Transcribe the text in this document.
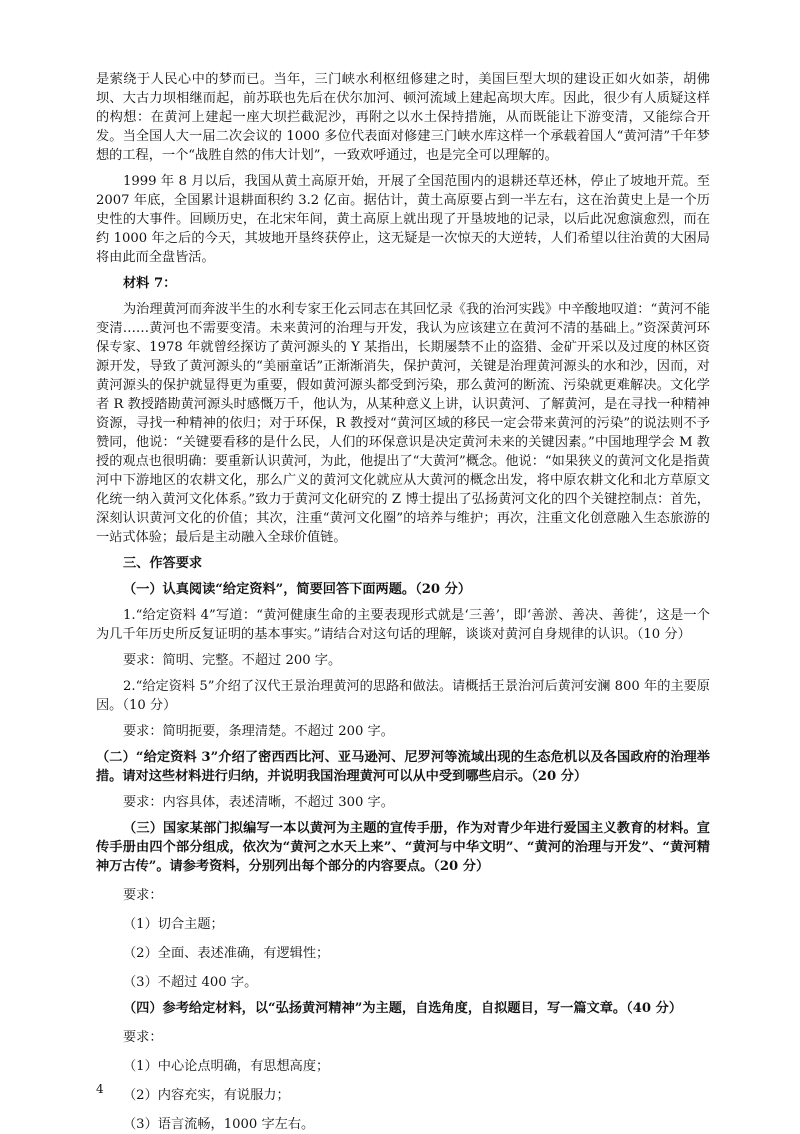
是萦绕于人民心中的梦而已。当年，三门峡水利枢纽修建之时，美国巨型大坝的建设正如火如荼，胡佛坝、大古力坝相继而起，前苏联也先后在伏尔加河、顿河流域上建起高坝大库。因此，很少有人质疑这样的构想：在黄河上建起一座大坝拦截泥沙，再附之以水土保持措施，从而既能让下游变清，又能综合开发。当全国人大一届二次会议的 1000 多位代表面对修建三门峡水库这样一个承载着国人“黄河清”千年梦想的工程，一个“战胜自然的伟大计划”，一致欢呼通过，也是完全可以理解的。

1999 年 8 月以后，我国从黄土高原开始，开展了全国范围内的退耕还草还林，停止了坡地开荒。至 2007 年底，全国累计退耕面积约 3.2 亿亩。据估计，黄土高原要占到一半左右，这在治黄史上是一个历史性的大事件。回顾历史，在北宋年间，黄土高原上就出现了开垦坡地的记录，以后此况愈演愈烈，而在约 1000 年之后的今天，其坡地开垦终获停止，这无疑是一次惊天的大逆转，人们希望以往治黄的大困局将由此而全盘皆活。

材料 7：

为治理黄河而奔波半生的水利专家王化云同志在其回忆录《我的治河实践》中辛酸地叹道：“黄河不能变清……黄河也不需要变清。未来黄河的治理与开发，我认为应该建立在黄河不清的基础上。”资深黄河环保专家、1978 年就曾经探访了黄河源头的 Y 某指出，长期屡禁不止的盗猎、金矿开采以及过度的林区资源开发，导致了黄河源头的“美丽童话”正渐渐消失，保护黄河，关键是治理黄河源头的水和沙，因而，对黄河源头的保护就显得更为重要，假如黄河源头都受到污染，那么黄河的断流、污染就更难解决。文化学者 R 教授踏勘黄河源头时感慨万千，他认为，从某种意义上讲，认识黄河、了解黄河，是在寻找一种精神资源，寻找一种精神的依归；对于环保，R 教授对“黄河区域的移民一定会带来黄河的污染”的说法则不予赞同，他说：“关键要看移的是什么民，人们的环保意识是决定黄河未来的关键因素。”中国地理学会 M 教授的观点也很明确：要重新认识黄河，为此，他提出了“大黄河”概念。他说：“如果狭义的黄河文化是指黄河中下游地区的农耕文化，那么广义的黄河文化就应从大黄河的概念出发，将中原农耕文化和北方草原文化统一纳入黄河文化体系。”致力于黄河文化研究的 Z 博士提出了弘扬黄河文化的四个关键控制点：首先，深刻认识黄河文化的价值；其次，注重“黄河文化圈”的培养与维护；再次，注重文化创意融入生态旅游的一站式体验；最后是主动融入全球价值链。

三、作答要求

（一）认真阅读“给定资料”，简要回答下面两题。（20 分）

1.“给定资料 4”写道：“黄河健康生命的主要表现形式就是‘三善’，即‘善淤、善决、善徙’，这是一个为几千年历史所反复证明的基本事实。”请结合对这句话的理解，谈谈对黄河自身规律的认识。（10 分）

要求：简明、完整。不超过 200 字。

2.“给定资料 5”介绍了汉代王景治理黄河的思路和做法。请概括王景治河后黄河安澜 800 年的主要原因。（10 分）

要求：简明扼要，条理清楚。不超过 200 字。

（二）“给定资料 3”介绍了密西西比河、亚马逊河、尼罗河等流域出现的生态危机以及各国政府的治理举措。请对这些材料进行归纳，并说明我国治理黄河可以从中受到哪些启示。（20 分）

要求：内容具体，表述清晰，不超过 300 字。

（三）国家某部门拟编写一本以黄河为主题的宣传手册，作为对青少年进行爱国主义教育的材料。宣传手册由四个部分组成，依次为“黄河之水天上来”、“黄河与中华文明”、“黄河的治理与开发”、“黄河精神万古传”。请参考资料，分别列出每个部分的内容要点。（20 分）

要求：

（1）切合主题；

（2）全面、表述准确，有逻辑性；

（3）不超过 400 字。

（四）参考给定材料，以“弘扬黄河精神”为主题，自选角度，自拟题目，写一篇文章。（40 分）

要求：

（1）中心论点明确，有思想高度；

（2）内容充实，有说服力；

（3）语言流畅，1000 字左右。

4
